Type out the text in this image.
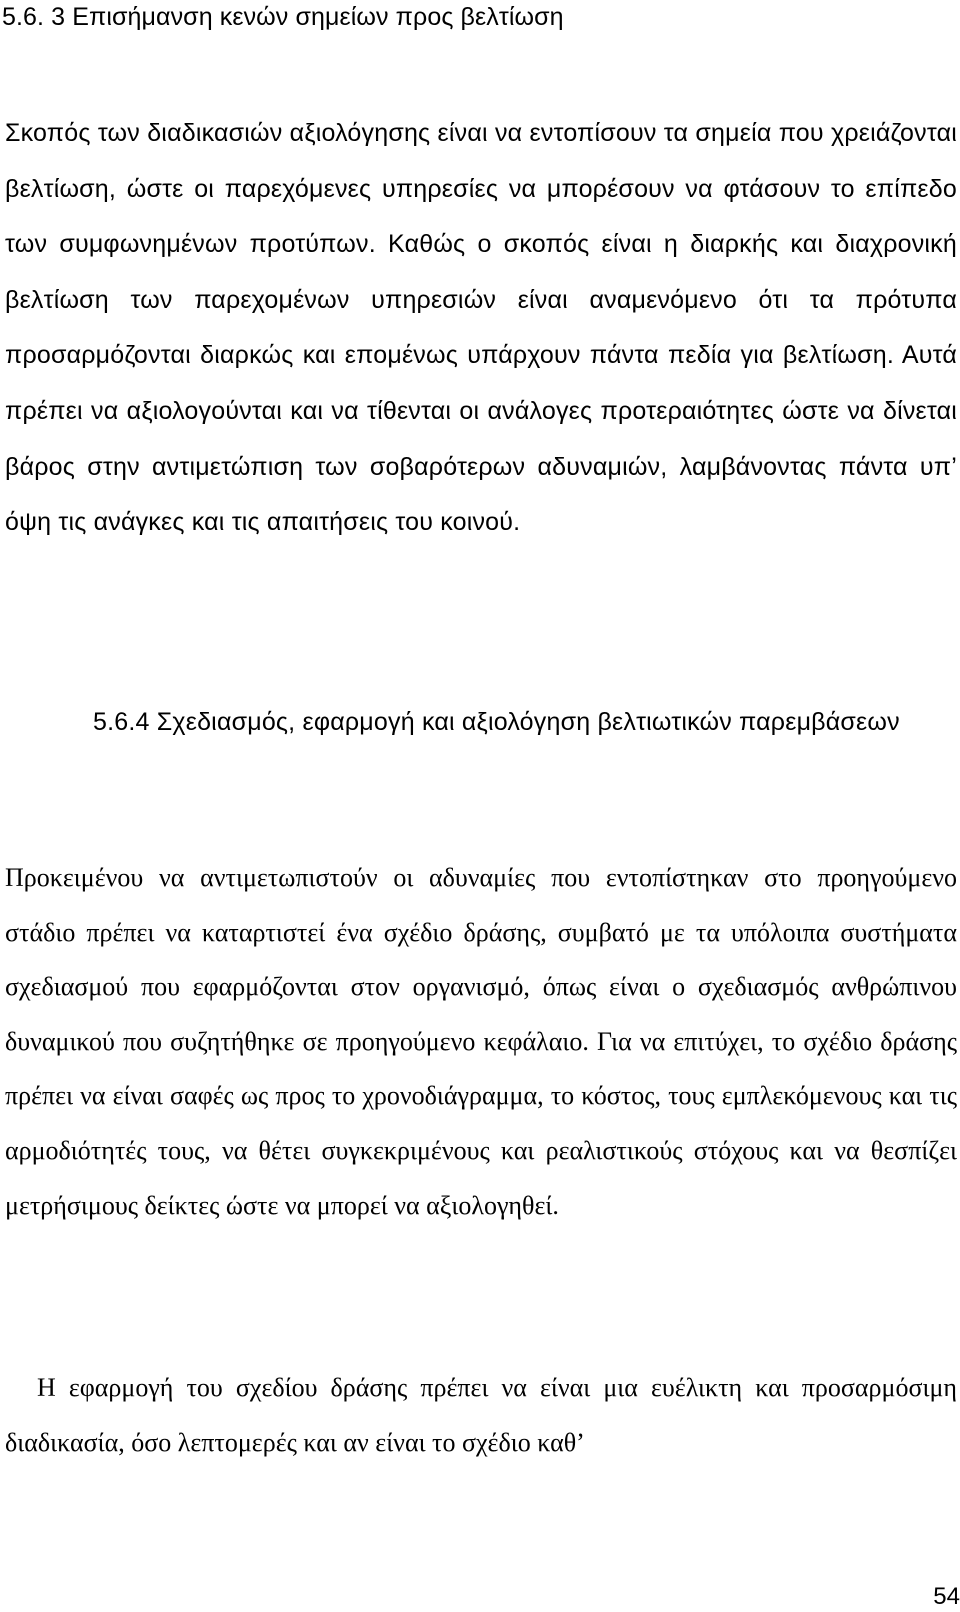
5.6. 3 Επισήμανση κενών σημείων προς βελτίωση

Σκοπός των διαδικασιών αξιολόγησης είναι να εντοπίσουν τα σημεία που χρειάζονται βελτίωση, ώστε οι παρεχόμενες υπηρεσίες να μπορέσουν να φτάσουν το επίπεδο των συμφωνημένων προτύπων. Καθώς ο σκοπός είναι η διαρκής και διαχρονική βελτίωση των παρεχομένων υπηρεσιών είναι αναμενόμενο ότι τα πρότυπα προσαρμόζονται διαρκώς και επομένως υπάρχουν πάντα πεδία για βελτίωση. Αυτά πρέπει να αξιολογούνται και να τίθενται οι ανάλογες προτεραιότητες ώστε να δίνεται βάρος στην αντιμετώπιση των σοβαρότερων αδυναμιών, λαμβάνοντας πάντα υπ’ όψη τις ανάγκες και τις απαιτήσεις του κοινού.

5.6.4 Σχεδιασμός, εφαρμογή και αξιολόγηση βελτιωτικών παρεμβάσεων

Προκειμένου να αντιμετωπιστούν οι αδυναμίες που εντοπίστηκαν στο προηγούμενο στάδιο πρέπει να καταρτιστεί ένα σχέδιο δράσης, συμβατό με τα υπόλοιπα συστήματα σχεδιασμού που εφαρμόζονται στον οργανισμό, όπως είναι ο σχεδιασμός ανθρώπινου δυναμικού που συζητήθηκε σε προηγούμενο κεφάλαιο. Για να επιτύχει, το σχέδιο δράσης πρέπει να είναι σαφές ως προς το χρονοδιάγραμμα, το κόστος, τους εμπλεκόμενους και τις αρμοδιότητές τους, να θέτει συγκεκριμένους και ρεαλιστικούς στόχους και να θεσπίζει μετρήσιμους δείκτες ώστε να μπορεί να αξιολογηθεί.

Η εφαρμογή του σχεδίου δράσης πρέπει να είναι μια ευέλικτη και προσαρμόσιμη διαδικασία, όσο λεπτομερές και αν είναι το σχέδιο καθ’

54
